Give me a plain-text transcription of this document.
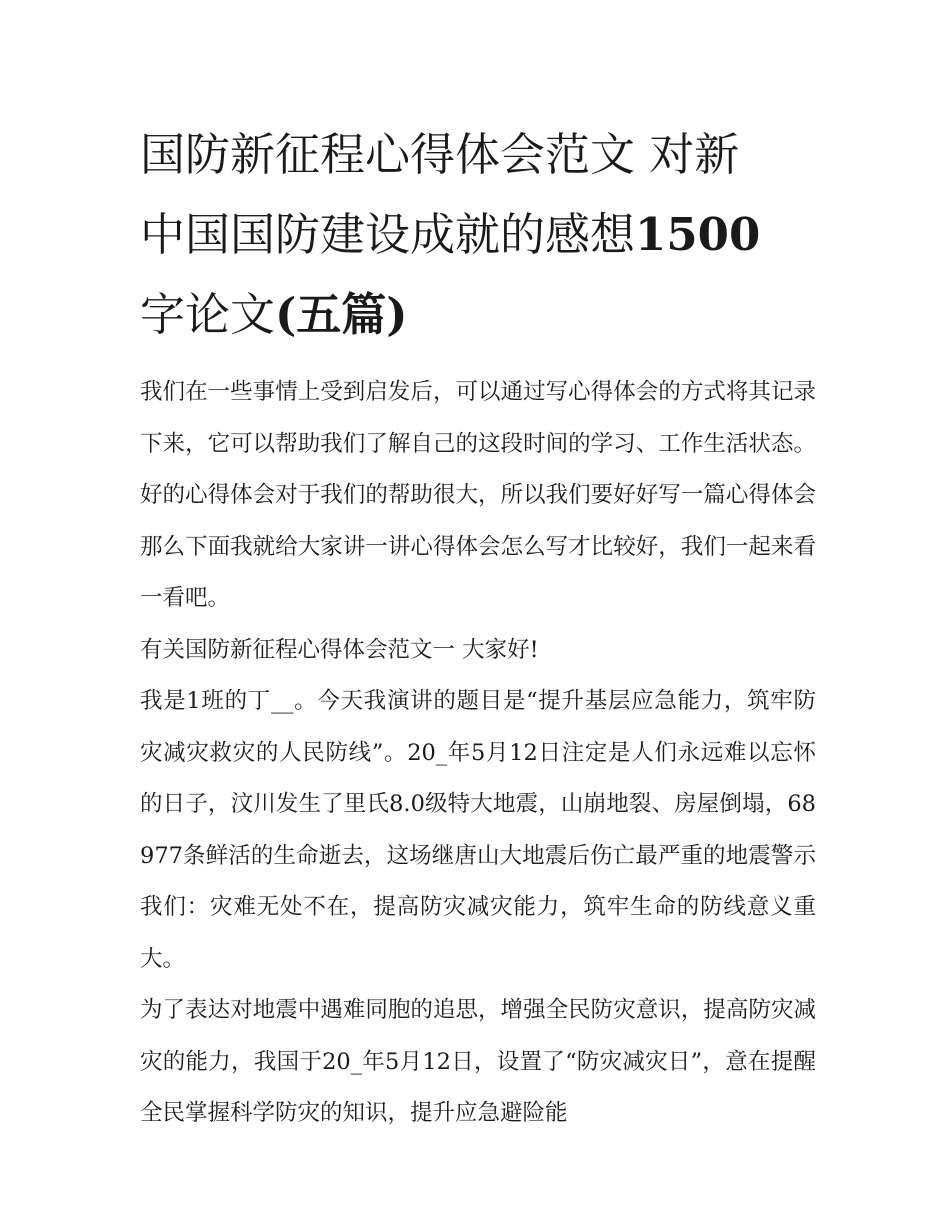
国防新征程心得体会范文 对新
中国国防建设成就的感想1500
字论文(五篇)

我们在一些事情上受到启发后，可以通过写心得体会的方式将其记录下来，它可以帮助我们了解自己的这段时间的学习、工作生活状态。好的心得体会对于我们的帮助很大，所以我们要好好写一篇心得体会那么下面我就给大家讲一讲心得体会怎么写才比较好，我们一起来看一看吧。

有关国防新征程心得体会范文一 大家好!

我是1班的丁__。今天我演讲的题目是“提升基层应急能力，筑牢防灾减灾救灾的人民防线”。20_年5月12日注定是人们永远难以忘怀的日子，汶川发生了里氏8.0级特大地震，山崩地裂、房屋倒塌，68977条鲜活的生命逝去，这场继唐山大地震后伤亡最严重的地震警示我们：灾难无处不在，提高防灾减灾能力，筑牢生命的防线意义重大。

为了表达对地震中遇难同胞的追思，增强全民防灾意识，提高防灾减灾的能力，我国于20_年5月12日，设置了“防灾减灾日”，意在提醒全民掌握科学防灾的知识，提升应急避险能
